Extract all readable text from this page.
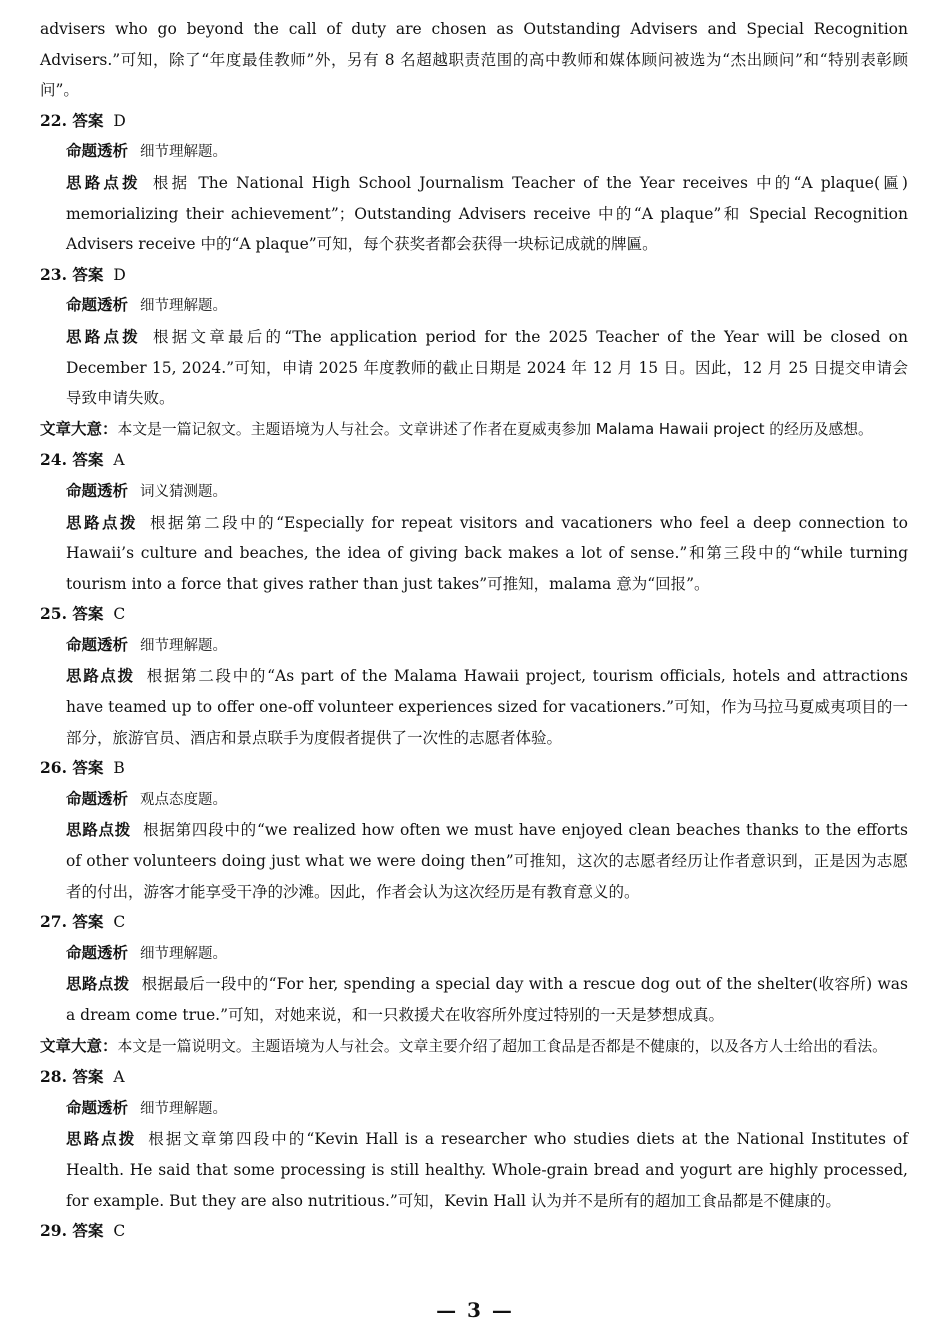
advisers who go beyond the call of duty are chosen as Outstanding Advisers and Special Recognition Advisers.”可知，除了“年度最佳教师”外，另有 8 名超越职责范围的高中教师和媒体顾问被选为“杰出顾问”和“特别表彰顾问”。

22. 答案 D

命题透析 细节理解题。

思路点拨 根据 The National High School Journalism Teacher of the Year receives 中的“A plaque(匾) memorializing their achievement”；Outstanding Advisers receive 中的“A plaque”和 Special Recognition Advisers receive 中的“A plaque”可知，每个获奖者都会获得一块标记成就的牌匾。

23. 答案 D

命题透析 细节理解题。

思路点拨 根据文章最后的“The application period for the 2025 Teacher of the Year will be closed on December 15, 2024.”可知，申请 2025 年度教师的截止日期是 2024 年 12 月 15 日。因此，12 月 25 日提交申请会导致申请失败。

文章大意：本文是一篇记叙文。主题语境为人与社会。文章讲述了作者在夏威夷参加 Malama Hawaii project 的经历及感想。

24. 答案 A

命题透析 词义猜测题。

思路点拨 根据第二段中的“Especially for repeat visitors and vacationers who feel a deep connection to Hawaii’s culture and beaches, the idea of giving back makes a lot of sense.”和第三段中的“while turning tourism into a force that gives rather than just takes”可推知，malama 意为“回报”。

25. 答案 C

命题透析 细节理解题。

思路点拨 根据第二段中的“As part of the Malama Hawaii project, tourism officials, hotels and attractions have teamed up to offer one-off volunteer experiences sized for vacationers.”可知，作为马拉马夏威夷项目的一部分，旅游官员、酒店和景点联手为度假者提供了一次性的志愿者体验。

26. 答案 B

命题透析 观点态度题。

思路点拨 根据第四段中的“we realized how often we must have enjoyed clean beaches thanks to the efforts of other volunteers doing just what we were doing then”可推知，这次的志愿者经历让作者意识到，正是因为志愿者的付出，游客才能享受干净的沙滩。因此，作者会认为这次经历是有教育意义的。

27. 答案 C

命题透析 细节理解题。

思路点拨 根据最后一段中的“For her, spending a special day with a rescue dog out of the shelter(收容所) was a dream come true.”可知，对她来说，和一只救援犬在收容所外度过特别的一天是梦想成真。

文章大意：本文是一篇说明文。主题语境为人与社会。文章主要介绍了超加工食品是否都是不健康的，以及各方人士给出的看法。

28. 答案 A

命题透析 细节理解题。

思路点拨 根据文章第四段中的“Kevin Hall is a researcher who studies diets at the National Institutes of Health. He said that some processing is still healthy. Whole-grain bread and yogurt are highly processed, for example. But they are also nutritious.”可知，Kevin Hall 认为并不是所有的超加工食品都是不健康的。

29. 答案 C

— 3 —
